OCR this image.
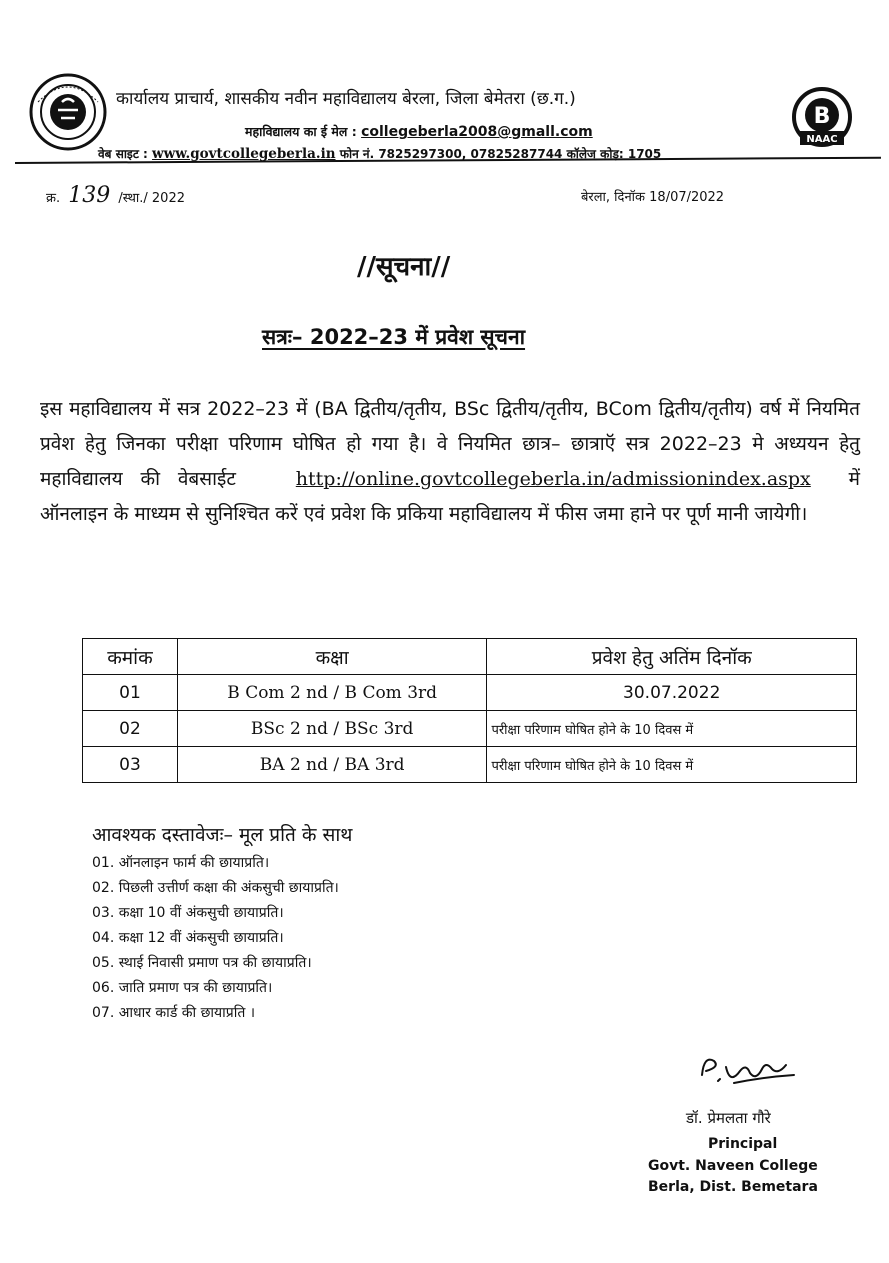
B
NAAC
कार्यालय प्राचार्य, शासकीय नवीन महाविद्यालय बेरला, जिला बेमेतरा (छ.ग.)
महाविद्यालय का ई मेल : collegeberla2008@gmall.com
वेब साइट : www.govtcollegeberla.in फोन नं. 7825297300, 07825287744 कॉलेज कोड़: 1705
क्र. 139 /स्था./ 2022	बेरला, दिनॉक 18/07/2022
//सूचना//
सत्रः– 2022–23 में प्रवेश सूचना
इस महाविद्यालय में सत्र 2022–23 में (BA द्वितीय/तृतीय, BSc द्वितीय/तृतीय, BCom द्वितीय/तृतीय) वर्ष में नियमित प्रवेश हेतु जिनका परीक्षा परिणाम घोषित हो गया है। वे नियमित छात्र– छात्राऍ सत्र 2022–23 मे अध्ययन हेतु महाविद्यालय की वेबसाईट	http://online.govtcollegeberla.in/admissionindex.aspx में ऑनलाइन के माध्यम से सुनिश्चित करें एवं प्रवेश कि प्रकिया महाविद्यालय में फीस जमा हाने पर पूर्ण मानी जायेगी।
कमांक	कक्षा	प्रवेश हेतु अतिंम दिनॉक
01	B Com 2 nd / B Com 3rd	30.07.2022
02	BSc 2 nd / BSc 3rd	परीक्षा परिणाम घोषित होने के 10 दिवस में
03	BA 2 nd / BA 3rd	परीक्षा परिणाम घोषित होने के 10 दिवस में
आवश्यक दस्तावेजः– मूल प्रति के साथ
01. ऑनलाइन फार्म की छायाप्रति।
02. पिछली उत्तीर्ण कक्षा की अंकसुची छायाप्रति।
03. कक्षा 10 वीं अंकसुची छायाप्रति।
04. कक्षा 12 वीं अंकसुची छायाप्रति।
05. स्थाई निवासी प्रमाण पत्र की छायाप्रति।
06. जाति प्रमाण पत्र की छायाप्रति।
07. आधार कार्ड की छायाप्रति ।
डॉ. प्रेमलता गौरे
Principal
Govt. Naveen College
Berla, Dist. Bemetara
